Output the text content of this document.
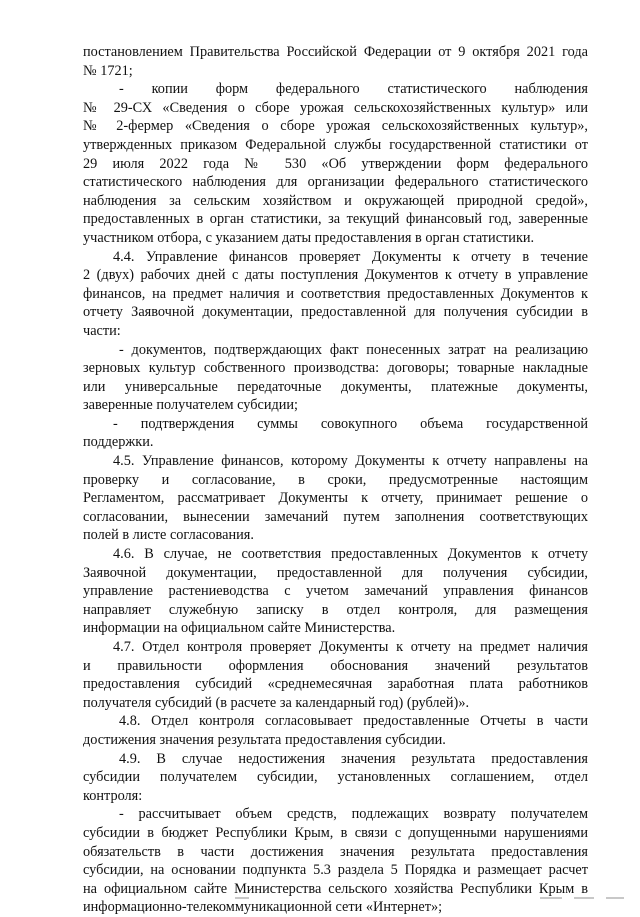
постановлением Правительства Российской Федерации от 9 октября 2021 года
№ 1721;
- копии форм федерального статистического наблюдения
№ 29-СХ «Сведения о сборе урожая сельскохозяйственных культур» или
№ 2-фермер «Сведения о сборе урожая сельскохозяйственных культур»,
утвержденных приказом Федеральной службы государственной статистики от
29 июля 2022 года № 530 «Об утверждении форм федерального
статистического наблюдения для организации федерального статистического
наблюдения за сельским хозяйством и окружающей природной средой»,
предоставленных в орган статистики, за текущий финансовый год, заверенные
участником отбора, с указанием даты предоставления в орган статистики.
4.4. Управление финансов проверяет Документы к отчету в течение
2 (двух) рабочих дней с даты поступления Документов к отчету в управление
финансов, на предмет наличия и соответствия предоставленных Документов к
отчету Заявочной документации, предоставленной для получения субсидии в
части:
- документов, подтверждающих факт понесенных затрат на реализацию
зерновых культур собственного производства: договоры; товарные накладные
или универсальные передаточные документы, платежные документы,
заверенные получателем субсидии;
- подтверждения суммы совокупного объема государственной
поддержки.
4.5. Управление финансов, которому Документы к отчету направлены на
проверку и согласование, в сроки, предусмотренные настоящим
Регламентом, рассматривает Документы к отчету, принимает решение о
согласовании, вынесении замечаний путем заполнения соответствующих
полей в листе согласования.
4.6. В случае, не соответствия предоставленных Документов к отчету
Заявочной документации, предоставленной для получения субсидии,
управление растениеводства с учетом замечаний управления финансов
направляет служебную записку в отдел контроля, для размещения
информации на официальном сайте Министерства.
4.7. Отдел контроля проверяет Документы к отчету на предмет наличия
и правильности оформления обоснования значений результатов
предоставления субсидий «среднемесячная заработная плата работников
получателя субсидий (в расчете за календарный год) (рублей)».
4.8. Отдел контроля согласовывает предоставленные Отчеты в части
достижения значения результата предоставления субсидии.
4.9. В случае недостижения значения результата предоставления
субсидии получателем субсидии, установленных соглашением, отдел
контроля:
- рассчитывает объем средств, подлежащих возврату получателем
субсидии в бюджет Республики Крым, в связи с допущенными нарушениями
обязательств в части достижения значения результата предоставления
субсидии, на основании подпункта 5.3 раздела 5 Порядка и размещает расчет
на официальном сайте Министерства сельского хозяйства Республики Крым в
информационно-телекоммуникационной сети «Интернет»;
